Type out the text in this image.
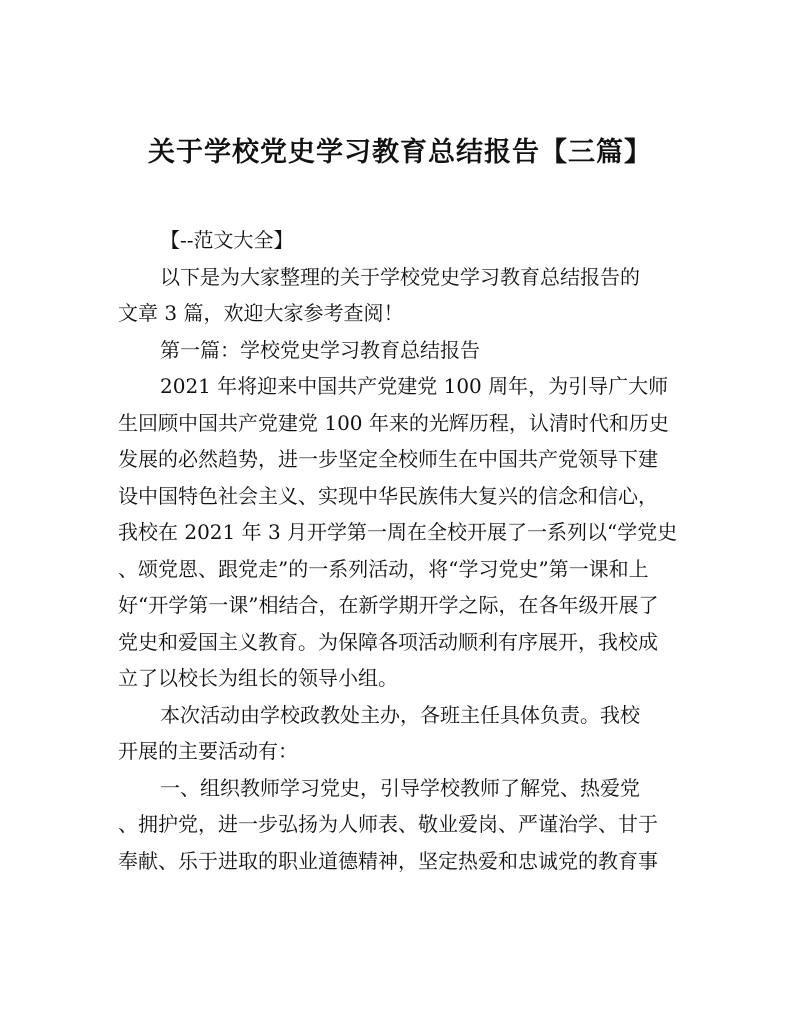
关于学校党史学习教育总结报告【三篇】

【--范文大全】

以下是为大家整理的关于学校党史学习教育总结报告的
文章 3 篇，欢迎大家参考查阅！

第一篇：学校党史学习教育总结报告

2021 年将迎来中国共产党建党 100 周年，为引导广大师
生回顾中国共产党建党 100 年来的光辉历程，认清时代和历史
发展的必然趋势，进一步坚定全校师生在中国共产党领导下建
设中国特色社会主义、实现中华民族伟大复兴的信念和信心，
我校在 2021 年 3 月开学第一周在全校开展了一系列以“学党史
、颂党恩、跟党走”的一系列活动，将“学习党史”第一课和上
好“开学第一课”相结合，在新学期开学之际，在各年级开展了
党史和爱国主义教育。为保障各项活动顺利有序展开，我校成
立了以校长为组长的领导小组。

本次活动由学校政教处主办，各班主任具体负责。我校
开展的主要活动有：

一、组织教师学习党史，引导学校教师了解党、热爱党
、拥护党，进一步弘扬为人师表、敬业爱岗、严谨治学、甘于
奉献、乐于进取的职业道德精神，坚定热爱和忠诚党的教育事
